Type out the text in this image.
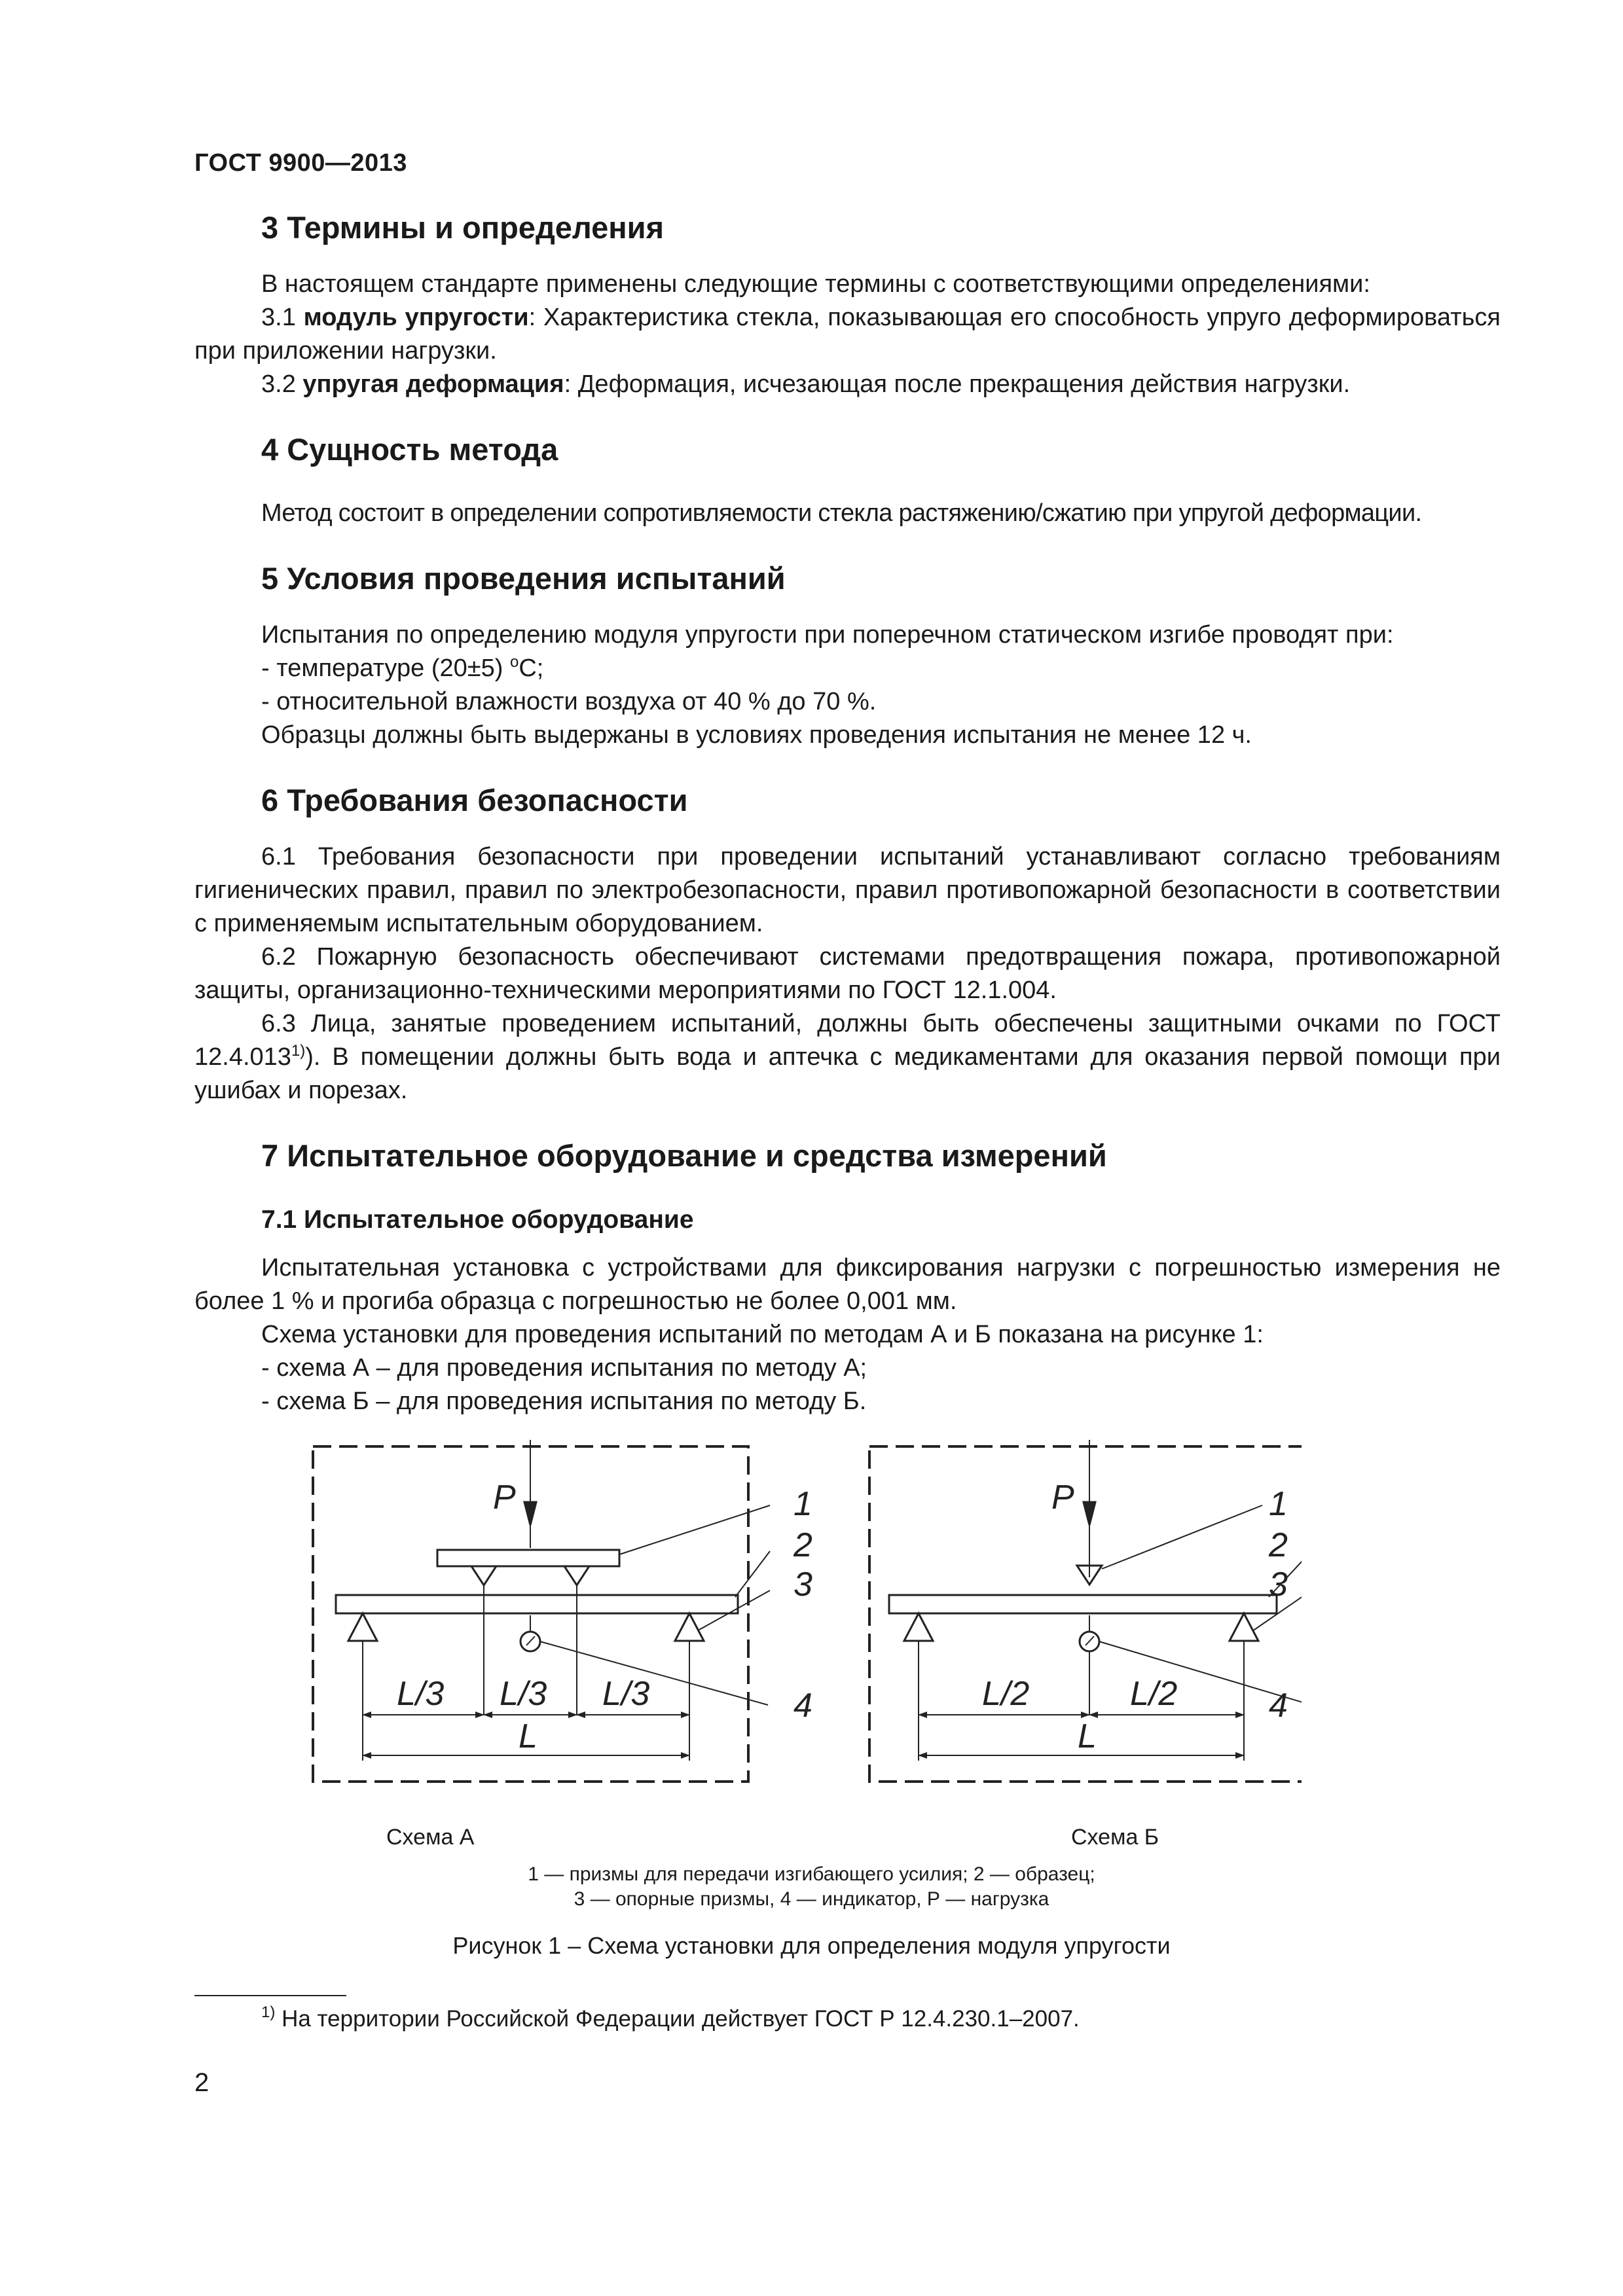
ГОСТ 9900—2013
3 Термины и определения

В настоящем стандарте применены следующие термины с соответствующими определениями:

3.1 модуль упругости: Характеристика стекла, показывающая его способность упруго деформироваться при приложении нагрузки.

3.2 упругая деформация: Деформация, исчезающая после прекращения действия нагрузки.

4 Сущность метода

Метод состоит в определении сопротивляемости стекла растяжению/сжатию при упругой деформации.

5 Условия проведения испытаний

Испытания по определению модуля упругости при поперечном статическом изгибе проводят при:

- температуре (20±5) $^о$С;

- относительной влажности воздуха от 40 % до 70 %.

Образцы должны быть выдержаны в условиях проведения испытания не менее 12 ч.

6 Требования безопасности

6.1 Требования безопасности при проведении испытаний устанавливают согласно требованиям гигиенических правил, правил по электробезопасности, правил противопожарной безопасности в соответствии с применяемым испытательным оборудованием.

6.2 Пожарную безопасность обеспечивают системами предотвращения пожара, противопожарной защиты, организационно-техническими мероприятиями по ГОСТ 12.1.004.

6.3 Лица, занятые проведением испытаний, должны быть обеспечены защитными очками по ГОСТ 12.4.013$^{1)}$). В помещении должны быть вода и аптечка с медикаментами для оказания первой помощи при ушибах и порезах.

7 Испытательное оборудование и средства измерений
7.1 Испытательное оборудование

Испытательная установка с устройствами для фиксирования нагрузки с погрешностью измерения не более 1 % и прогиба образца с погрешностью не более 0,001 мм.

Схема установки для проведения испытаний по методам А и Б показана на рисунке 1:

- схема А – для проведения испытания по методу А;

- схема Б – для проведения испытания по методу Б.

P	P
1
2
3
4
1
2
3
4
L/3 L/3 L/3
L
L/2	L/2
L
Схема А	Схема Б
1 — призмы для передачи изгибающего усилия; 2 — образец;
3 — опорные призмы, 4 — индикатор, Р — нагрузка
Рисунок 1 – Схема установки для определения модуля упругости
$^{1)}$ На территории Российской Федерации действует ГОСТ Р 12.4.230.1–2007.
2
